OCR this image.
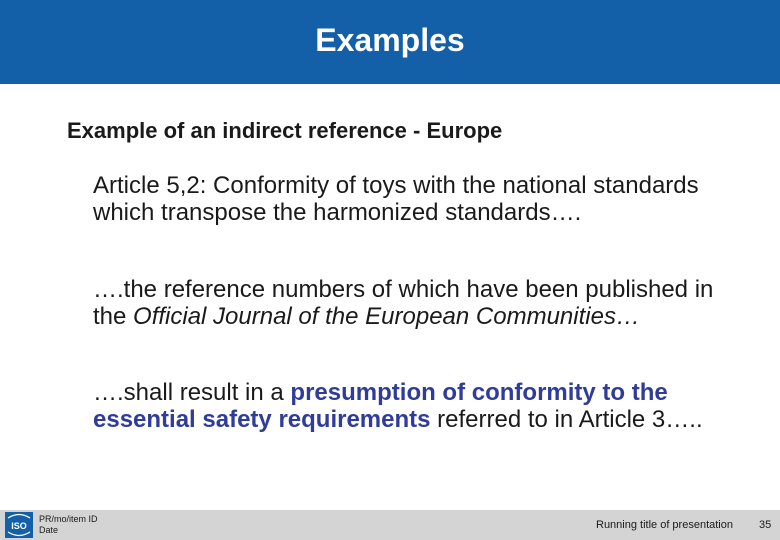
Examples
Example of an indirect reference - Europe
Article 5,2: Conformity of toys with the national standards which transpose the harmonized standards….
….the reference numbers of which have been published in the Official Journal of the European Communities…
….shall result in a presumption of conformity to the essential safety requirements referred to in Article 3…..
ISO
PR/mo/item ID
Date	Running title of presentation 35
